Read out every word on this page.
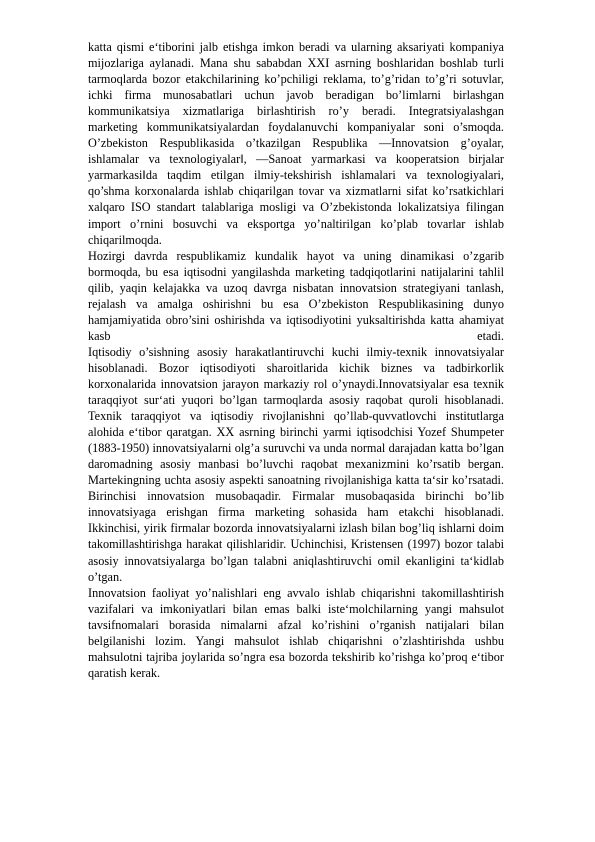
katta qismi e‘tiborini jalb etishga imkon beradi va ularning aksariyati kompaniya mijozlariga aylanadi. Mana shu sababdan XXI asrning boshlaridan boshlab turli tarmoqlarda bozor etakchilarining ko’pchiligi reklama, to’g’ridan to’g’ri sotuvlar, ichki firma munosabatlari uchun javob beradigan bo’limlarni birlashgan kommunikatsiya xizmatlariga birlashtirish ro’y beradi. Integratsiyalashgan marketing kommunikatsiyalardan foydalanuvchi kompaniyalar soni o’smoqda.

O’zbekiston Respublikasida o’tkazilgan Respublika ―Innovatsion g’oyalar, ishlamalar va texnologiyalar‖, ―Sanoat yarmarkasi va kooperatsion birjalar yarmarkasi‖da taqdim etilgan ilmiy-tekshirish ishlamalari va texnologiyalari, qo’shma korxonalarda ishlab chiqarilgan tovar va xizmatlarni sifat ko’rsatkichlari xalqaro ISO standart talablariga mosligi va O’zbekistonda lokalizatsiya filingan import o’rnini bosuvchi va eksportga yo’naltirilgan ko’plab tovarlar ishlab chiqarilmoqda.

Hozirgi davrda respublikamiz kundalik hayot va uning dinamikasi o’zgarib bormoqda, bu esa iqtisodni yangilashda marketing tadqiqotlarini natijalarini tahlil qilib, yaqin kelajakka va uzoq davrga nisbatan innovatsion strategiyani tanlash, rejalash va amalga oshirishni bu esa O’zbekiston Respublikasining dunyo hamjamiyatida obro’sini oshirishda va iqtisodiyotini yuksaltirishda katta ahamiyat kasb etadi.

Iqtisodiy o’sishning asosiy harakatlantiruvchi kuchi ilmiy-texnik innovatsiyalar hisoblanadi. Bozor iqtisodiyoti sharoitlarida kichik biznes va tadbirkorlik korxonalarida innovatsion jarayon markaziy rol o’ynaydi.Innovatsiyalar esa texnik taraqqiyot sur‘ati yuqori bo’lgan tarmoqlarda asosiy raqobat quroli hisoblanadi. Texnik taraqqiyot va iqtisodiy rivojlanishni qo’llab-quvvatlovchi institutlarga alohida e‘tibor qaratgan. XX asrning birinchi yarmi iqtisodchisi Yozef Shumpeter (1883-1950) innovatsiyalarni olg’a suruvchi va unda normal darajadan katta bo’lgan daromadning asosiy manbasi bo’luvchi raqobat mexanizmini ko’rsatib bergan.

Martekingning uchta asosiy aspekti sanoatning rivojlanishiga katta ta‘sir ko’rsatadi. Birinchisi innovatsion musobaqadir. Firmalar musobaqasida birinchi bo’lib innovatsiyaga erishgan firma marketing sohasida ham etakchi hisoblanadi. Ikkinchisi, yirik firmalar bozorda innovatsiyalarni izlash bilan bog’liq ishlarni doim takomillashtirishga harakat qilishlaridir. Uchinchisi, Kristensen (1997) bozor talabi asosiy innovatsiyalarga bo’lgan talabni aniqlashtiruvchi omil ekanligini ta‘kidlab o’tgan.

Innovatsion faoliyat yo’nalishlari eng avvalo ishlab chiqarishni takomillashtirish vazifalari va imkoniyatlari bilan emas balki iste‘molchilarning yangi mahsulot tavsifnomalari borasida nimalarni afzal ko’rishini o’rganish natijalari bilan belgilanishi lozim. Yangi mahsulot ishlab chiqarishni o’zlashtirishda ushbu mahsulotni tajriba joylarida so’ngra esa bozorda tekshirib ko’rishga ko’proq e‘tibor qaratish kerak.
